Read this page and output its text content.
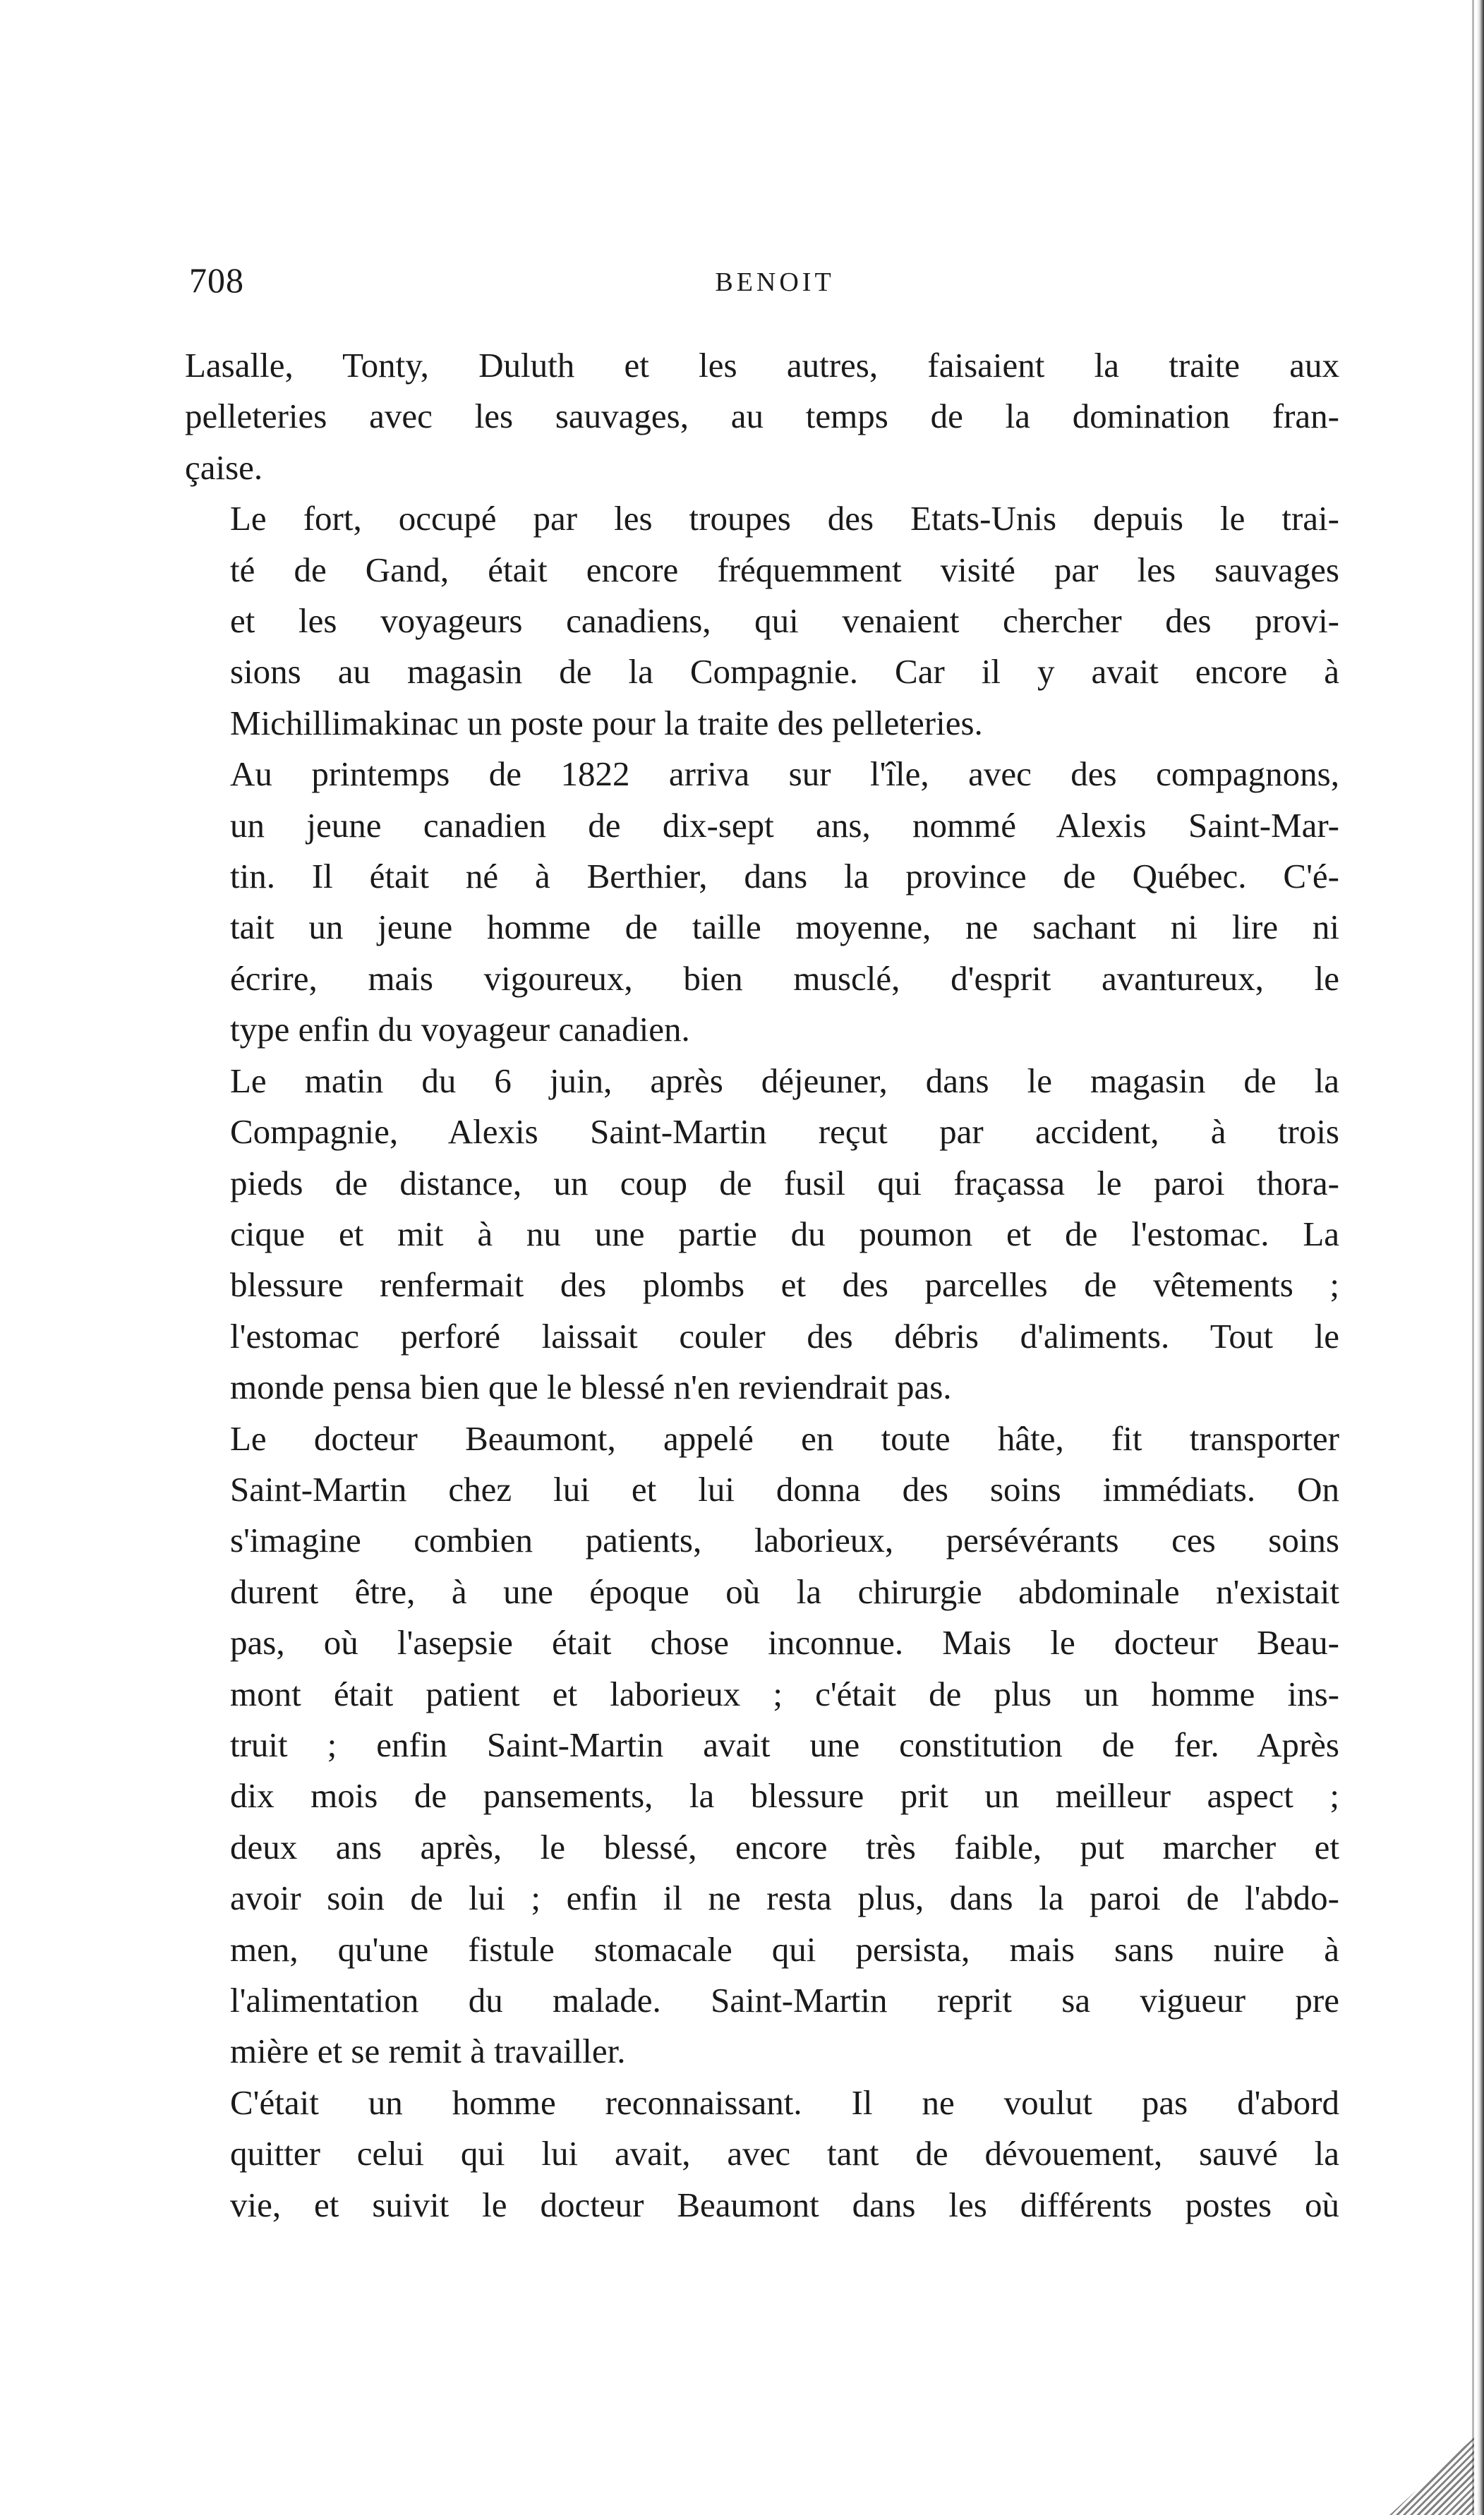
708	BENOIT
Lasalle, Tonty, Duluth et les autres, faisaient la traite aux
pelleteries avec les sauvages, au temps de la domination fran-
çaise.
Le fort, occupé par les troupes des Etats-Unis depuis le trai-
té de Gand, était encore fréquemment visité par les sauvages
et les voyageurs canadiens, qui venaient chercher des provi-
sions au magasin de la Compagnie. Car il y avait encore à
Michillimakinac un poste pour la traite des pelleteries.
Au printemps de 1822 arriva sur l'île, avec des compagnons,
un jeune canadien de dix-sept ans, nommé Alexis Saint-Mar-
tin. Il était né à Berthier, dans la province de Québec. C'é-
tait un jeune homme de taille moyenne, ne sachant ni lire ni
écrire, mais vigoureux, bien musclé, d'esprit avantureux, le
type enfin du voyageur canadien.
Le matin du 6 juin, après déjeuner, dans le magasin de la
Compagnie, Alexis Saint-Martin reçut par accident, à trois
pieds de distance, un coup de fusil qui fraçassa le paroi thora-
cique et mit à nu une partie du poumon et de l'estomac. La
blessure renfermait des plombs et des parcelles de vêtements ;
l'estomac perforé laissait couler des débris d'aliments. Tout le
monde pensa bien que le blessé n'en reviendrait pas.
Le docteur Beaumont, appelé en toute hâte, fit transporter
Saint-Martin chez lui et lui donna des soins immédiats. On
s'imagine combien patients, laborieux, persévérants ces soins
durent être, à une époque où la chirurgie abdominale n'existait
pas, où l'asepsie était chose inconnue. Mais le docteur Beau-
mont était patient et laborieux ; c'était de plus un homme ins-
truit ; enfin Saint-Martin avait une constitution de fer. Après
dix mois de pansements, la blessure prit un meilleur aspect ;
deux ans après, le blessé, encore très faible, put marcher et
avoir soin de lui ; enfin il ne resta plus, dans la paroi de l'abdo-
men, qu'une fistule stomacale qui persista, mais sans nuire à
l'alimentation du malade. Saint-Martin reprit sa vigueur pre
mière et se remit à travailler.
C'était un homme reconnaissant. Il ne voulut pas d'abord
quitter celui qui lui avait, avec tant de dévouement, sauvé la
vie, et suivit le docteur Beaumont dans les différents postes où
